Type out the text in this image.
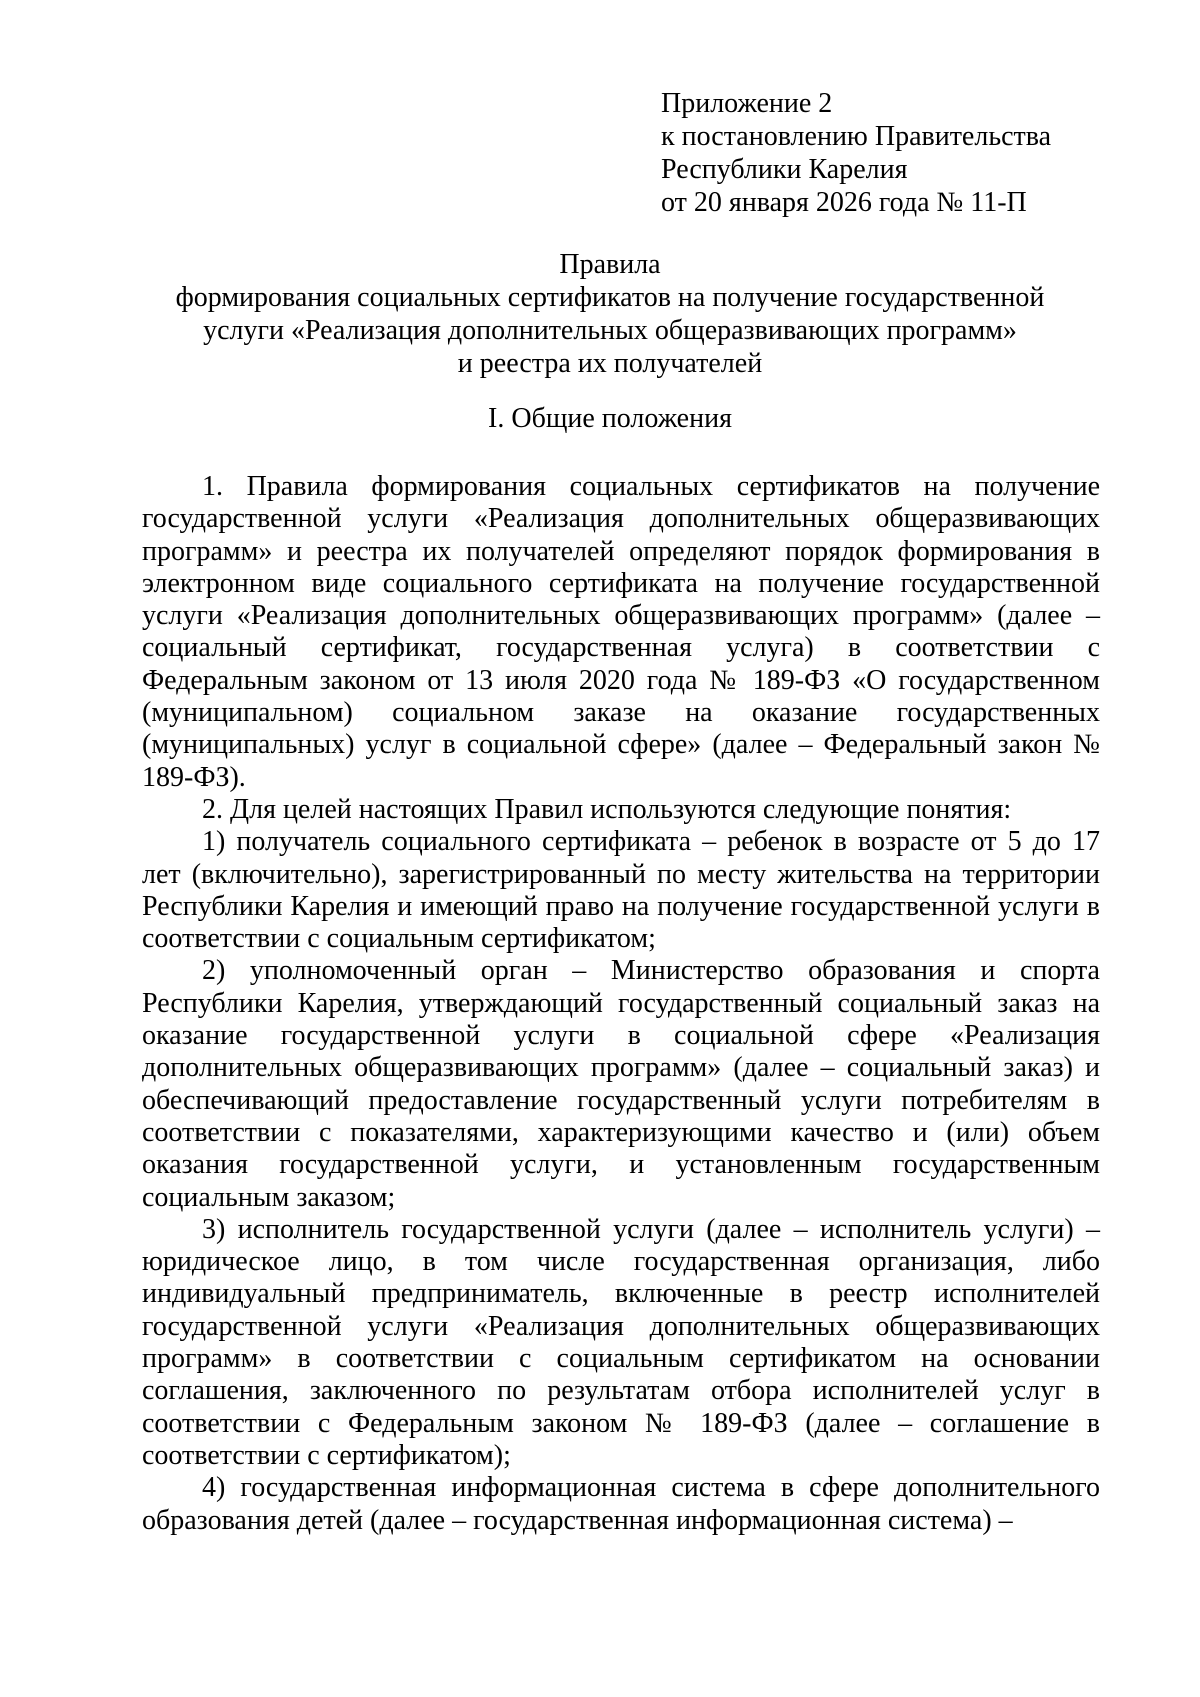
Приложение 2
к постановлению Правительства
Республики Карелия
от 20 января 2026 года № 11-П
Правила
формирования социальных сертификатов на получение государственной
услуги «Реализация дополнительных общеразвивающих программ»
и реестра их получателей
I. Общие положения

1. Правила формирования социальных сертификатов на получение государственной услуги «Реализация дополнительных общеразвивающих программ» и реестра их получателей определяют порядок формирования в электронном виде социального сертификата на получение государственной услуги «Реализация дополнительных общеразвивающих программ» (далее – социальный сертификат, государственная услуга) в соответствии с Федеральным законом от 13 июля 2020 года № 189-ФЗ «О государственном (муниципальном) социальном заказе на оказание государственных (муниципальных) услуг в социальной сфере» (далее – Федеральный закон № 189-ФЗ).

2. Для целей настоящих Правил используются следующие понятия:

1) получатель социального сертификата – ребенок в возрасте от 5 до 17 лет (включительно), зарегистрированный по месту жительства на территории Республики Карелия и имеющий право на получение государственной услуги в соответствии с социальным сертификатом;

2) уполномоченный орган – Министерство образования и спорта Республики Карелия, утверждающий государственный социальный заказ на оказание государственной услуги в социальной сфере «Реализация дополнительных общеразвивающих программ» (далее – социальный заказ) и обеспечивающий предоставление государственный услуги потребителям в соответствии с показателями, характеризующими качество и (или) объем оказания государственной услуги, и установленным государственным социальным заказом;

3) исполнитель государственной услуги (далее – исполнитель услуги) – юридическое лицо, в том числе государственная организация, либо индивидуальный предприниматель, включенные в реестр исполнителей государственной услуги «Реализация дополнительных общеразвивающих программ» в соответствии с социальным сертификатом на основании соглашения, заключенного по результатам отбора исполнителей услуг в соответствии с Федеральным законом № 189-ФЗ (далее – соглашение в соответствии с сертификатом);

4) государственная информационная система в сфере дополнительного образования детей (далее – государственная информационная система) –
